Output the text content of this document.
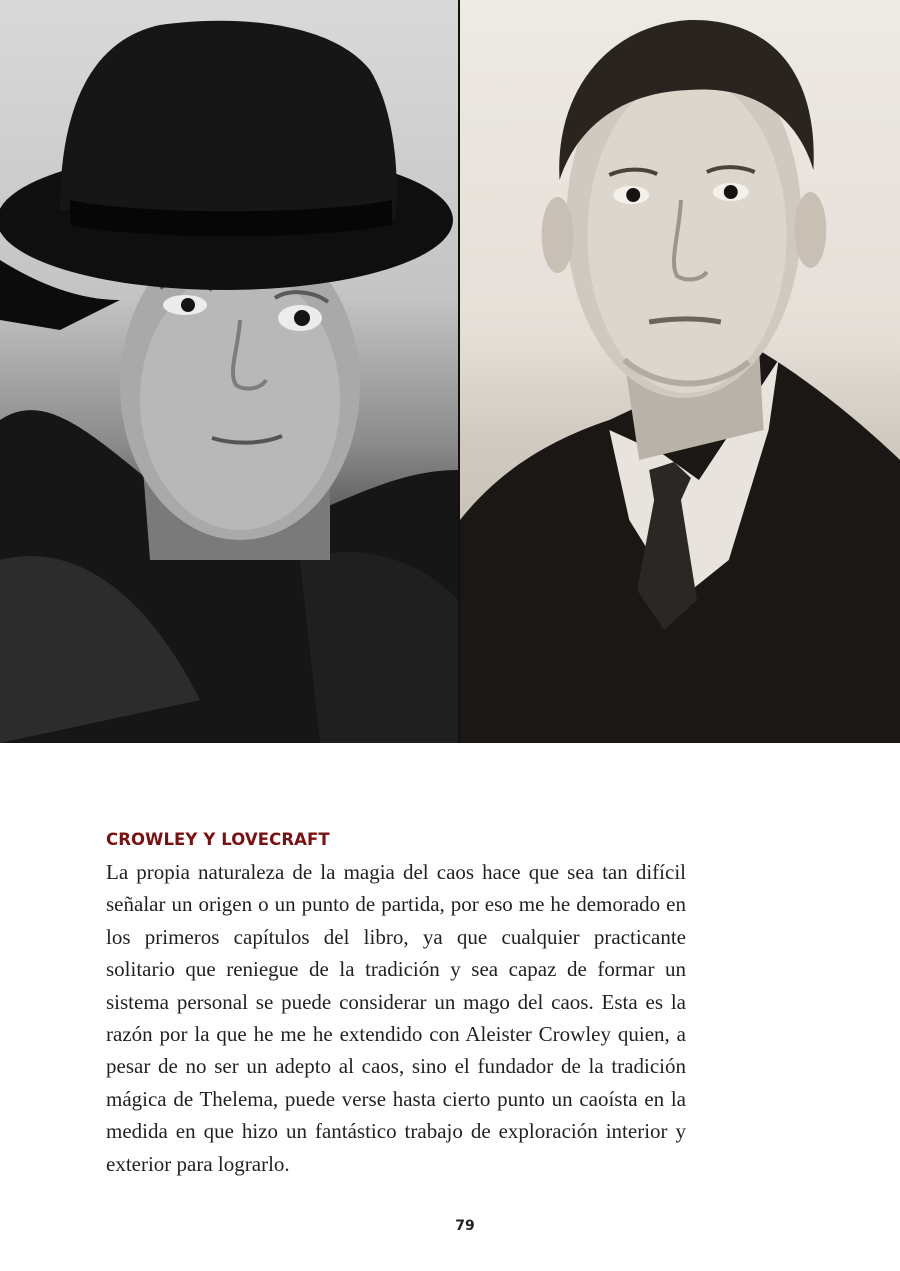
CROWLEY Y LOVECRAFT

La propia naturaleza de la magia del caos hace que sea tan difícil señalar un origen o un punto de partida, por eso me he demorado en los primeros capítulos del libro, ya que cualquier practicante solitario que reniegue de la tradición y sea capaz de formar un sistema personal se puede considerar un mago del caos. Esta es la razón por la que he me he extendido con Aleister Crowley quien, a pesar de no ser un adepto al caos, sino el fundador de la tradición mágica de Thelema, puede verse hasta cierto punto un caoísta en la medida en que hizo un fantástico trabajo de exploración interior y exterior para lograrlo.

79
